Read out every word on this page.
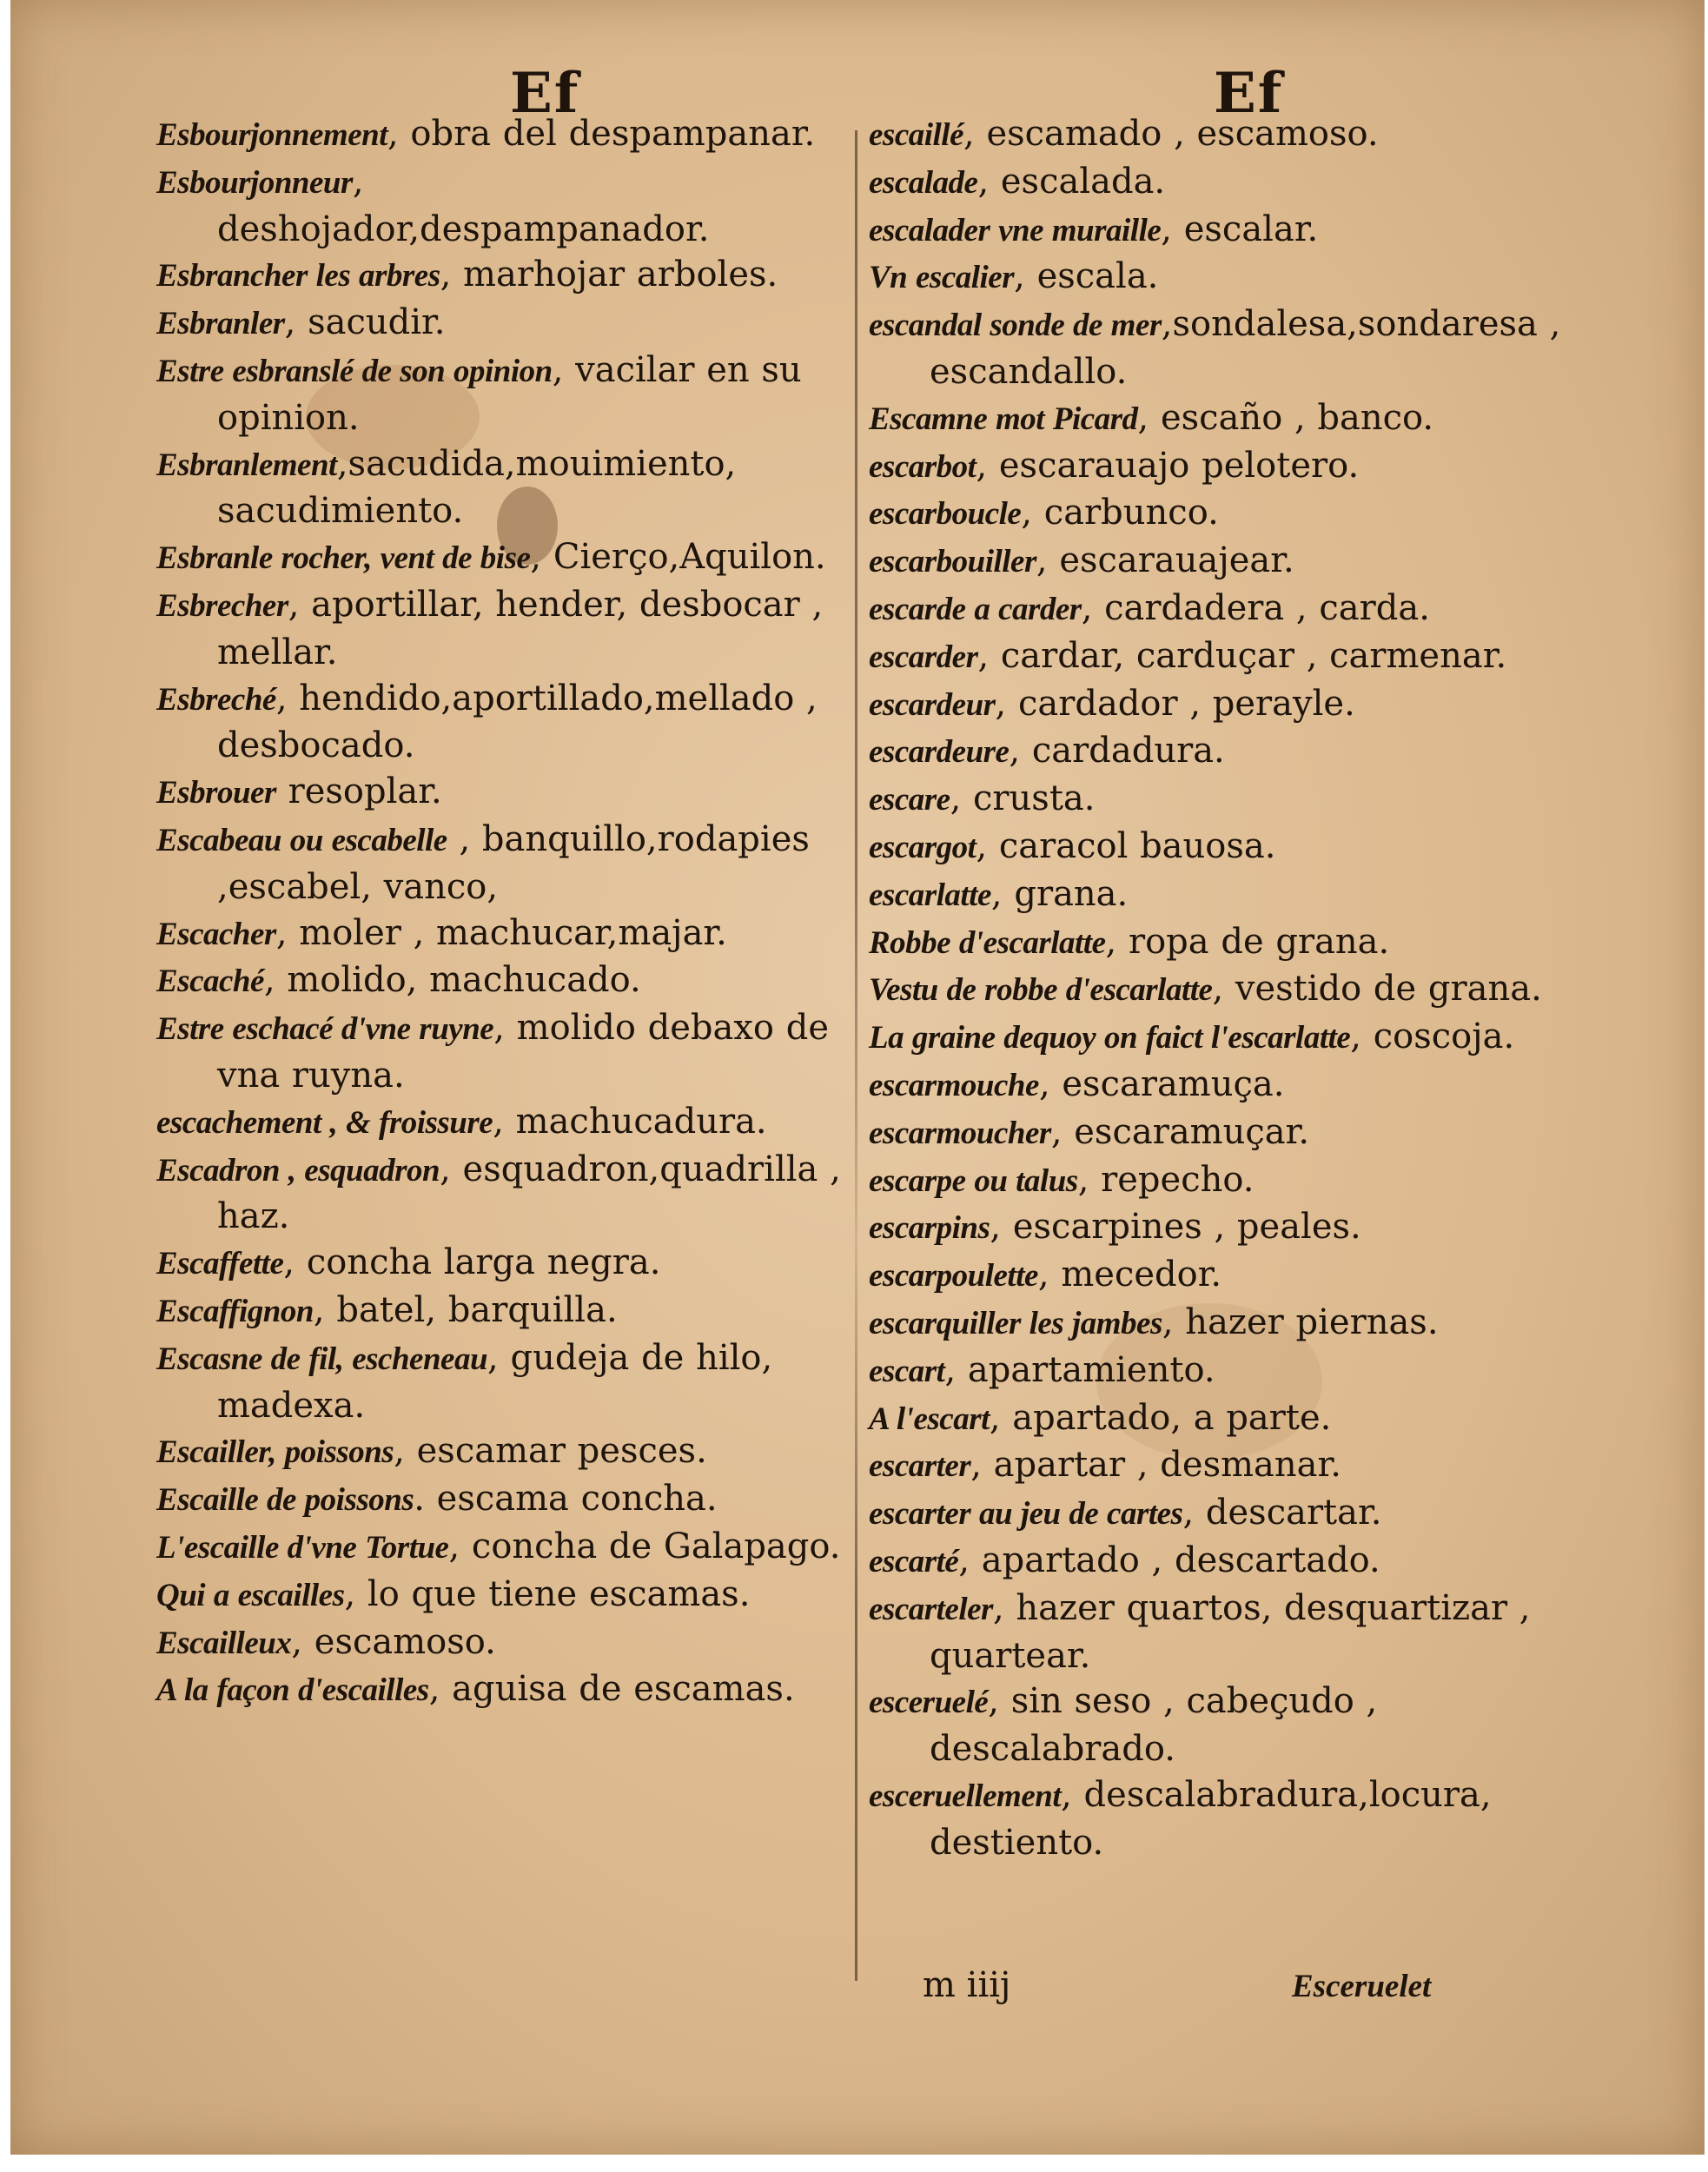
Ef	Ef
Esbourjonnement, obra del despampanar.
Esbourjonneur, deshojador,despampanador.
Esbrancher les arbres, marhojar arboles.
Esbranler, sacudir.
Estre esbranslé de son opinion, vacilar en su opinion.
Esbranlement,sacudida,mouimiento, sacudimiento.
Esbranle rocher, vent de bise, Cierço,Aquilon.
Esbrecher, aportillar, hender, desbocar , mellar.
Esbreché, hendido,aportillado,mellado , desbocado.
Esbrouer resoplar.
Escabeau ou escabelle , banquillo,rodapies ,escabel, vanco,
Escacher, moler , machucar,majar.
Escaché, molido, machucado.
Estre eschacé d'vne ruyne, molido debaxo de vna ruyna.
escachement , & froissure, machucadura.
Escadron , esquadron, esquadron,quadrilla , haz.
Escaffette, concha larga negra.
Escaffignon, batel, barquilla.
Escasne de fil, escheneau, gudeja de hilo, madexa.
Escailler, poissons, escamar pesces.
Escaille de poissons. escama concha.
L'escaille d'vne Tortue, concha de Galapago.
Qui a escailles, lo que tiene escamas.
Escailleux, escamoso.
A la façon d'escailles, aguisa de escamas.
escaillé, escamado , escamoso.
escalade, escalada.
escalader vne muraille, escalar.
Vn escalier, escala.
escandal sonde de mer,sondalesa,sondaresa , escandallo.
Escamne mot Picard, escaño , banco.
escarbot, escarauajo pelotero.
escarboucle, carbunco.
escarbouiller, escarauajear.
escarde a carder, cardadera , carda.
escarder, cardar, carduçar , carmenar.
escardeur, cardador , perayle.
escardeure, cardadura.
escare, crusta.
escargot, caracol bauosa.
escarlatte, grana.
Robbe d'escarlatte, ropa de grana.
Vestu de robbe d'escarlatte, vestido de grana.
La graine dequoy on faict l'escarlatte, coscoja.
escarmouche, escaramuça.
escarmoucher, escaramuçar.
escarpe ou talus, repecho.
escarpins, escarpines , peales.
escarpoulette, mecedor.
escarquiller les jambes, hazer piernas.
escart, apartamiento.
A l'escart, apartado, a parte.
escarter, apartar , desmanar.
escarter au jeu de cartes, descartar.
escarté, apartado , descartado.
escarteler, hazer quartos, desquartizar , quartear.
esceruelé, sin seso , cabeçudo , descalabrado.
esceruellement, descalabradura,locura, destiento.
m iiij	Esceruelet
